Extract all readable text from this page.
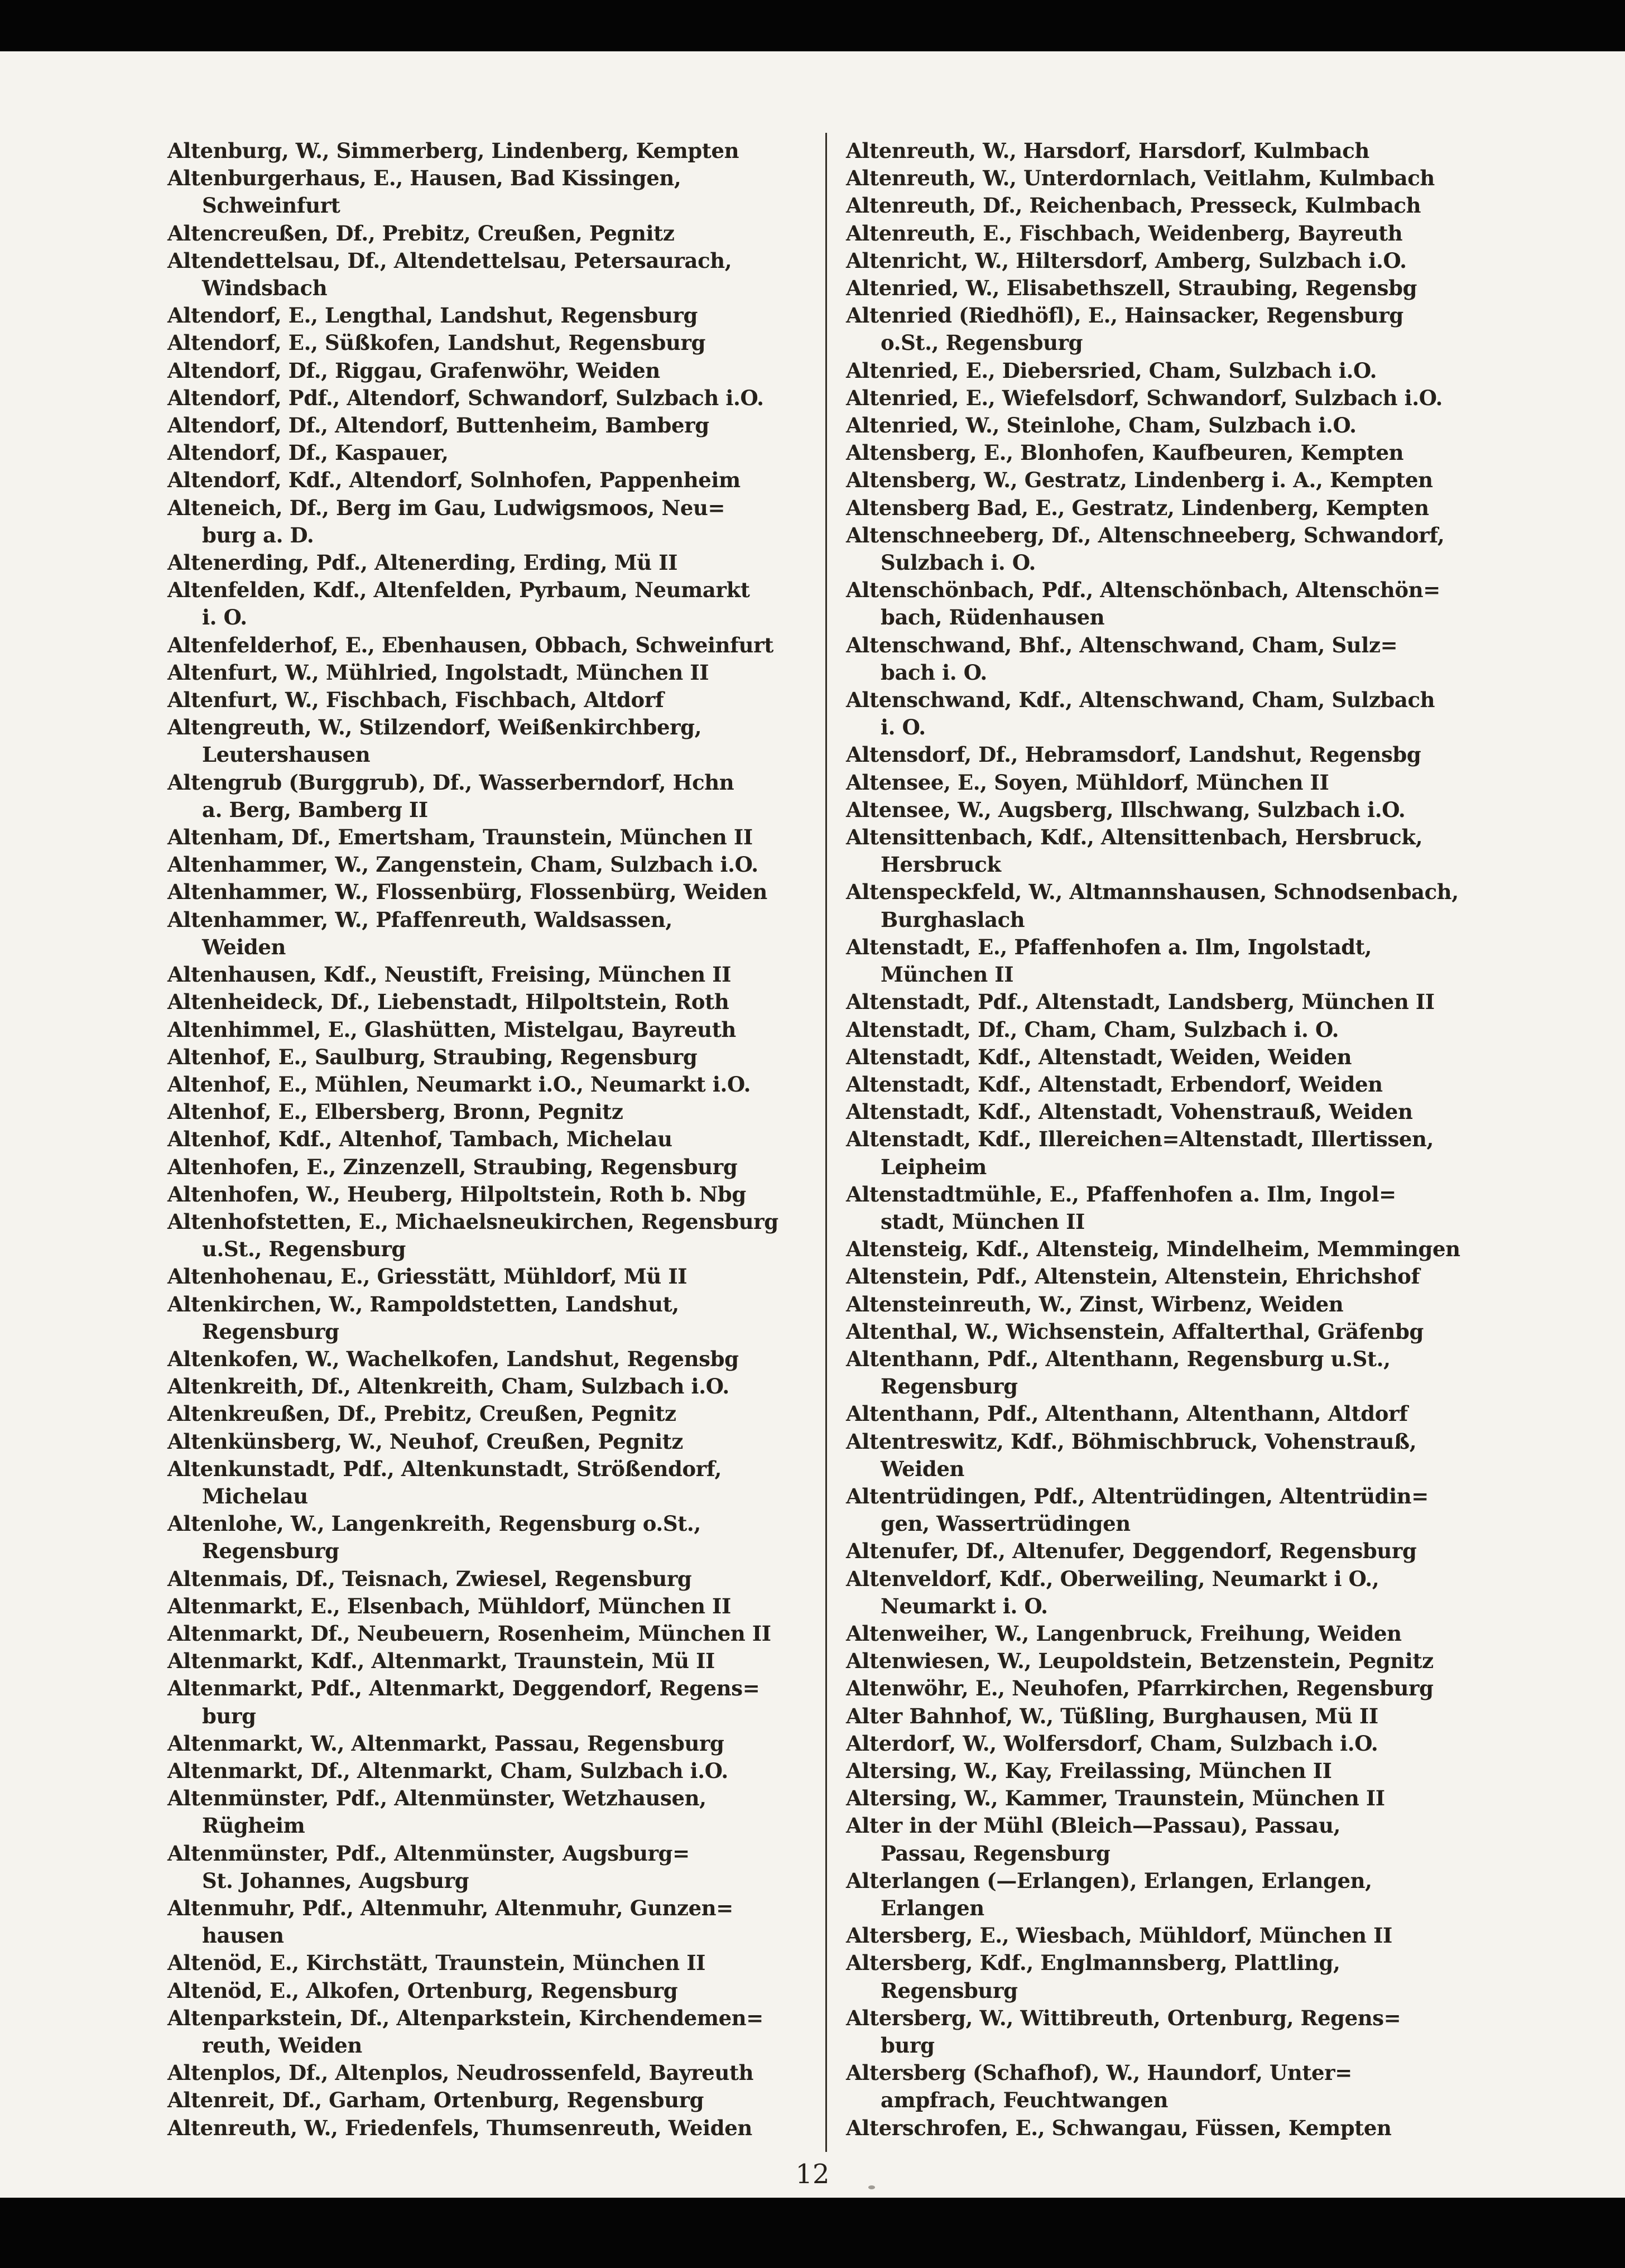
Altenburg, W., Simmerberg, Lindenberg, Kempten
Altenburgerhaus, E., Hausen, Bad Kissingen,
Schweinfurt
Altencreußen, Df., Prebitz, Creußen, Pegnitz
Altendettelsau, Df., Altendettelsau, Petersaurach,
Windsbach
Altendorf, E., Lengthal, Landshut, Regensburg
Altendorf, E., Süßkofen, Landshut, Regensburg
Altendorf, Df., Riggau, Grafenwöhr, Weiden
Altendorf, Pdf., Altendorf, Schwandorf, Sulzbach i.O.
Altendorf, Df., Altendorf, Buttenheim, Bamberg
Altendorf, Df., Kaspauer,
Altendorf, Kdf., Altendorf, Solnhofen, Pappenheim
Alteneich, Df., Berg im Gau, Ludwigsmoos, Neu=
burg a. D.
Altenerding, Pdf., Altenerding, Erding, Mü II
Altenfelden, Kdf., Altenfelden, Pyrbaum, Neumarkt
i. O.
Altenfelderhof, E., Ebenhausen, Obbach, Schweinfurt
Altenfurt, W., Mühlried, Ingolstadt, München II
Altenfurt, W., Fischbach, Fischbach, Altdorf
Altengreuth, W., Stilzendorf, Weißenkirchberg,
Leutershausen
Altengrub (Burggrub), Df., Wasserberndorf, Hchn
a. Berg, Bamberg II
Altenham, Df., Emertsham, Traunstein, München II
Altenhammer, W., Zangenstein, Cham, Sulzbach i.O.
Altenhammer, W., Flossenbürg, Flossenbürg, Weiden
Altenhammer, W., Pfaffenreuth, Waldsassen,
Weiden
Altenhausen, Kdf., Neustift, Freising, München II
Altenheideck, Df., Liebenstadt, Hilpoltstein, Roth
Altenhimmel, E., Glashütten, Mistelgau, Bayreuth
Altenhof, E., Saulburg, Straubing, Regensburg
Altenhof, E., Mühlen, Neumarkt i.O., Neumarkt i.O.
Altenhof, E., Elbersberg, Bronn, Pegnitz
Altenhof, Kdf., Altenhof, Tambach, Michelau
Altenhofen, E., Zinzenzell, Straubing, Regensburg
Altenhofen, W., Heuberg, Hilpoltstein, Roth b. Nbg
Altenhofstetten, E., Michaelsneukirchen, Regensburg
u.St., Regensburg
Altenhohenau, E., Griesstätt, Mühldorf, Mü II
Altenkirchen, W., Rampoldstetten, Landshut,
Regensburg
Altenkofen, W., Wachelkofen, Landshut, Regensbg
Altenkreith, Df., Altenkreith, Cham, Sulzbach i.O.
Altenkreußen, Df., Prebitz, Creußen, Pegnitz
Altenkünsberg, W., Neuhof, Creußen, Pegnitz
Altenkunstadt, Pdf., Altenkunstadt, Strößendorf,
Michelau
Altenlohe, W., Langenkreith, Regensburg o.St.,
Regensburg
Altenmais, Df., Teisnach, Zwiesel, Regensburg
Altenmarkt, E., Elsenbach, Mühldorf, München II
Altenmarkt, Df., Neubeuern, Rosenheim, München II
Altenmarkt, Kdf., Altenmarkt, Traunstein, Mü II
Altenmarkt, Pdf., Altenmarkt, Deggendorf, Regens=
burg
Altenmarkt, W., Altenmarkt, Passau, Regensburg
Altenmarkt, Df., Altenmarkt, Cham, Sulzbach i.O.
Altenmünster, Pdf., Altenmünster, Wetzhausen,
Rügheim
Altenmünster, Pdf., Altenmünster, Augsburg=
St. Johannes, Augsburg
Altenmuhr, Pdf., Altenmuhr, Altenmuhr, Gunzen=
hausen
Altenöd, E., Kirchstätt, Traunstein, München II
Altenöd, E., Alkofen, Ortenburg, Regensburg
Altenparkstein, Df., Altenparkstein, Kirchendemen=
reuth, Weiden
Altenplos, Df., Altenplos, Neudrossenfeld, Bayreuth
Altenreit, Df., Garham, Ortenburg, Regensburg
Altenreuth, W., Friedenfels, Thumsenreuth, Weiden
Altenreuth, W., Harsdorf, Harsdorf, Kulmbach
Altenreuth, W., Unterdornlach, Veitlahm, Kulmbach
Altenreuth, Df., Reichenbach, Presseck, Kulmbach
Altenreuth, E., Fischbach, Weidenberg, Bayreuth
Altenricht, W., Hiltersdorf, Amberg, Sulzbach i.O.
Altenried, W., Elisabethszell, Straubing, Regensbg
Altenried (Riedhöfl), E., Hainsacker, Regensburg
o.St., Regensburg
Altenried, E., Diebersried, Cham, Sulzbach i.O.
Altenried, E., Wiefelsdorf, Schwandorf, Sulzbach i.O.
Altenried, W., Steinlohe, Cham, Sulzbach i.O.
Altensberg, E., Blonhofen, Kaufbeuren, Kempten
Altensberg, W., Gestratz, Lindenberg i. A., Kempten
Altensberg Bad, E., Gestratz, Lindenberg, Kempten
Altenschneeberg, Df., Altenschneeberg, Schwandorf,
Sulzbach i. O.
Altenschönbach, Pdf., Altenschönbach, Altenschön=
bach, Rüdenhausen
Altenschwand, Bhf., Altenschwand, Cham, Sulz=
bach i. O.
Altenschwand, Kdf., Altenschwand, Cham, Sulzbach
i. O.
Altensdorf, Df., Hebramsdorf, Landshut, Regensbg
Altensee, E., Soyen, Mühldorf, München II
Altensee, W., Augsberg, Illschwang, Sulzbach i.O.
Altensittenbach, Kdf., Altensittenbach, Hersbruck,
Hersbruck
Altenspeckfeld, W., Altmannshausen, Schnodsenbach,
Burghaslach
Altenstadt, E., Pfaffenhofen a. Ilm, Ingolstadt,
München II
Altenstadt, Pdf., Altenstadt, Landsberg, München II
Altenstadt, Df., Cham, Cham, Sulzbach i. O.
Altenstadt, Kdf., Altenstadt, Weiden, Weiden
Altenstadt, Kdf., Altenstadt, Erbendorf, Weiden
Altenstadt, Kdf., Altenstadt, Vohenstrauß, Weiden
Altenstadt, Kdf., Illereichen=Altenstadt, Illertissen,
Leipheim
Altenstadtmühle, E., Pfaffenhofen a. Ilm, Ingol=
stadt, München II
Altensteig, Kdf., Altensteig, Mindelheim, Memmingen
Altenstein, Pdf., Altenstein, Altenstein, Ehrichshof
Altensteinreuth, W., Zinst, Wirbenz, Weiden
Altenthal, W., Wichsenstein, Affalterthal, Gräfenbg
Altenthann, Pdf., Altenthann, Regensburg u.St.,
Regensburg
Altenthann, Pdf., Altenthann, Altenthann, Altdorf
Altentreswitz, Kdf., Böhmischbruck, Vohenstrauß,
Weiden
Altentrüdingen, Pdf., Altentrüdingen, Altentrüdin=
gen, Wassertrüdingen
Altenufer, Df., Altenufer, Deggendorf, Regensburg
Altenveldorf, Kdf., Oberweiling, Neumarkt i O.,
Neumarkt i. O.
Altenweiher, W., Langenbruck, Freihung, Weiden
Altenwiesen, W., Leupoldstein, Betzenstein, Pegnitz
Altenwöhr, E., Neuhofen, Pfarrkirchen, Regensburg
Alter Bahnhof, W., Tüßling, Burghausen, Mü II
Alterdorf, W., Wolfersdorf, Cham, Sulzbach i.O.
Altersing, W., Kay, Freilassing, München II
Altersing, W., Kammer, Traunstein, München II
Alter in der Mühl (Bleich—Passau), Passau,
Passau, Regensburg
Alterlangen (—Erlangen), Erlangen, Erlangen,
Erlangen
Altersberg, E., Wiesbach, Mühldorf, München II
Altersberg, Kdf., Englmannsberg, Plattling,
Regensburg
Altersberg, W., Wittibreuth, Ortenburg, Regens=
burg
Altersberg (Schafhof), W., Haundorf, Unter=
ampfrach, Feuchtwangen
Alterschrofen, E., Schwangau, Füssen, Kempten
12
